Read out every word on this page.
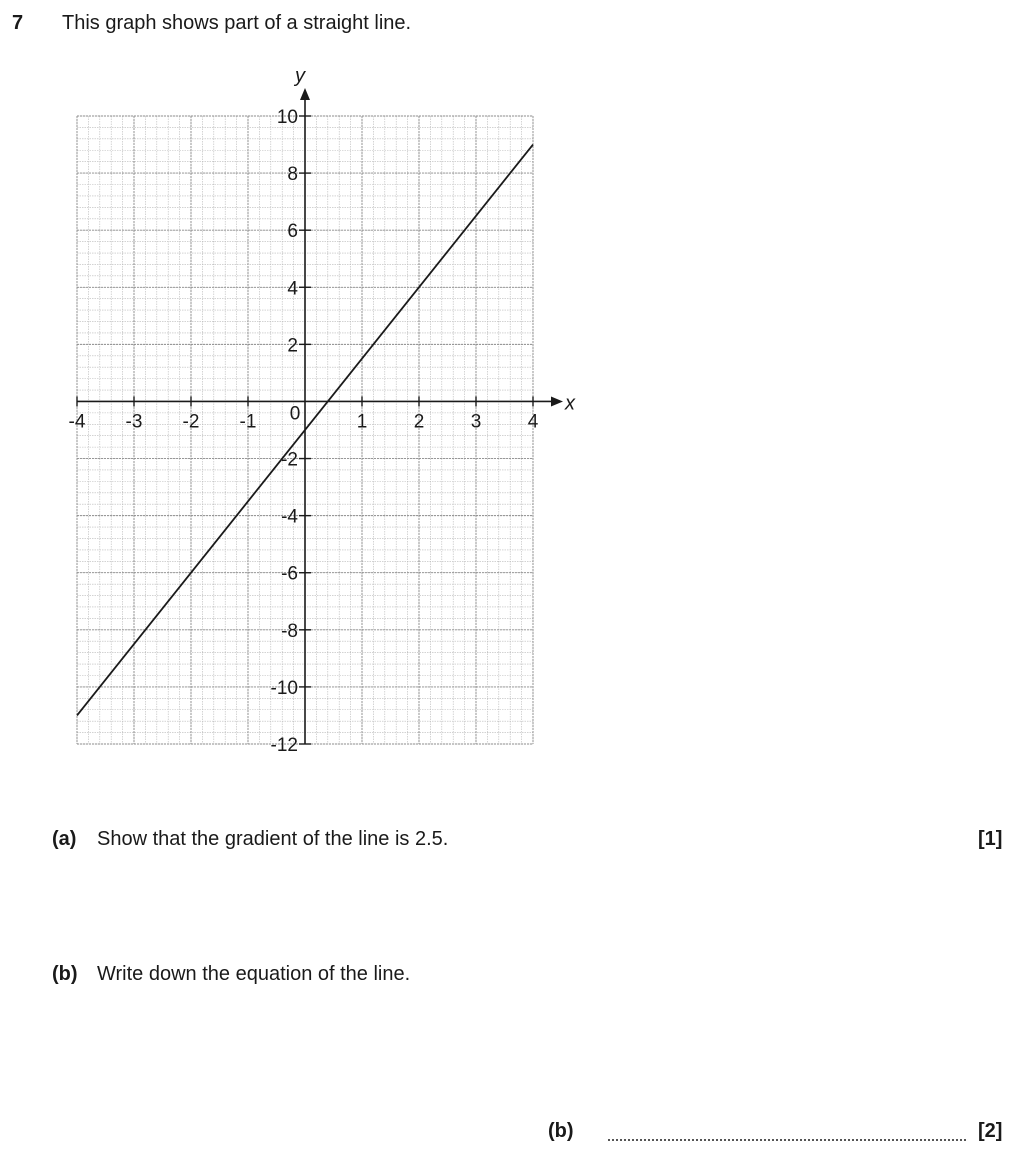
7 This graph shows part of a straight line.
x
y
-4 -3 -2 -1 0	1 2 3 4
10
8
6
4
2
-2
-4
-6
-8
-10
-12
(a) Show that the gradient of the line is 2.5.	[1]
(b) Write down the equation of the line.
(b)	[2]
